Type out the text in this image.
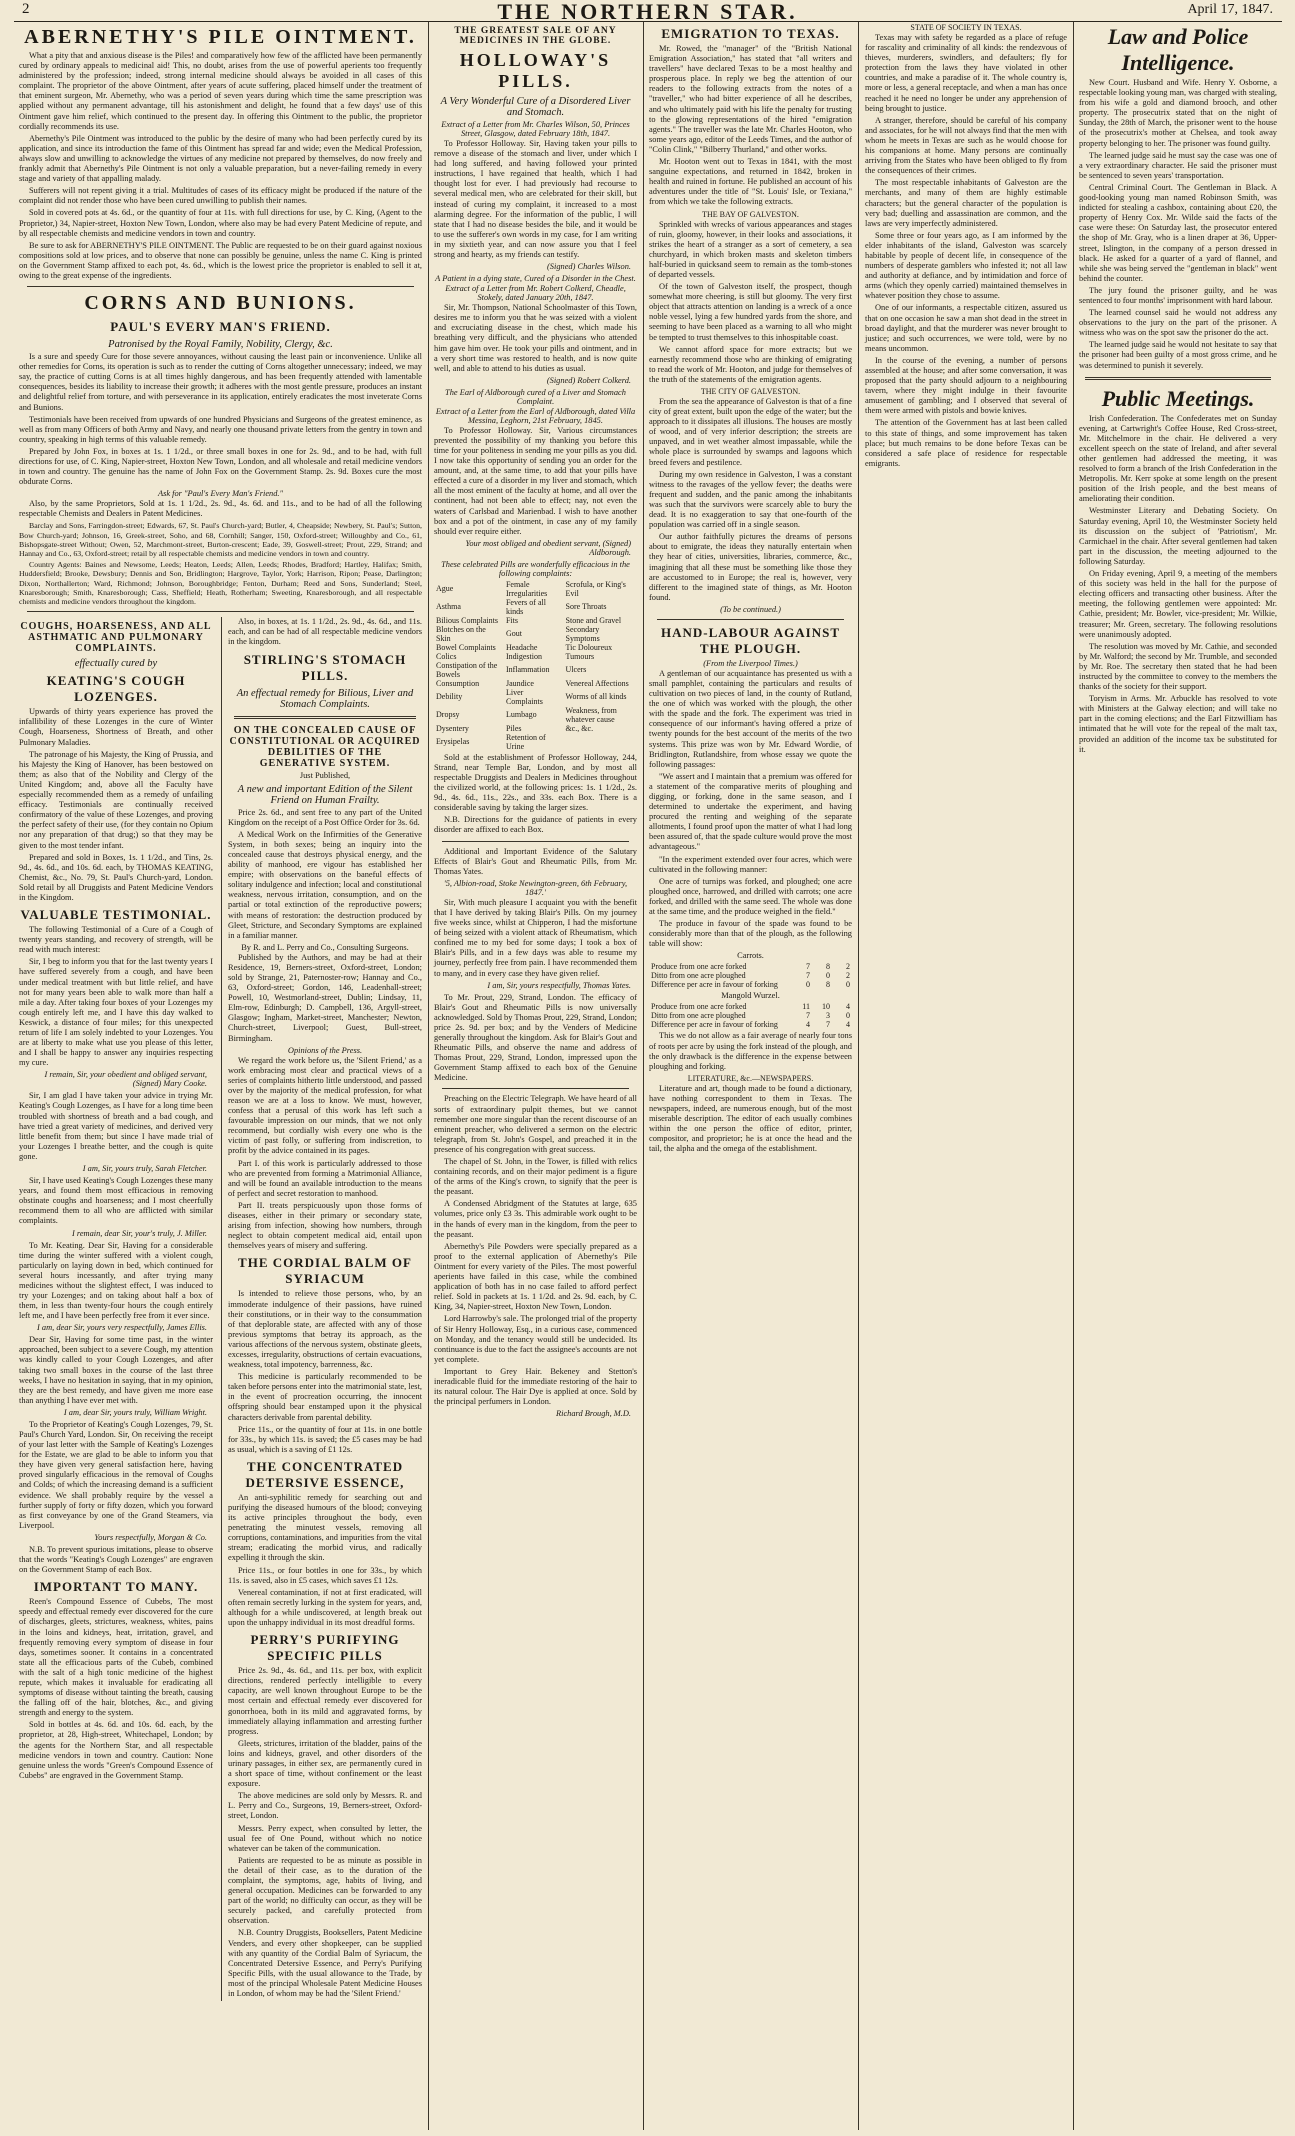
2	THE NORTHERN STAR.	April 17, 1847.
ABERNETHY'S PILE OINTMENT.

What a pity that and anxious disease is the Piles! and comparatively how few of the afflicted have been permanently cured by ordinary appeals to medicinal aid! This, no doubt, arises from the use of powerful aperients too frequently administered by the profession; indeed, strong internal medicine should always be avoided in all cases of this complaint. The proprietor of the above Ointment, after years of acute suffering, placed himself under the treatment of that eminent surgeon, Mr. Abernethy, who was a period of seven years during which time the same prescription was applied without any permanent advantage, till his astonishment and delight, he found that a few days' use of this Ointment gave him relief, which continued to the present day. In offering this Ointment to the public, the proprietor cordially recommends its use.

Abernethy's Pile Ointment was introduced to the public by the desire of many who had been perfectly cured by its application, and since its introduction the fame of this Ointment has spread far and wide; even the Medical Profession, always slow and unwilling to acknowledge the virtues of any medicine not prepared by themselves, do now freely and frankly admit that Abernethy's Pile Ointment is not only a valuable preparation, but a never-failing remedy in every stage and variety of that appalling malady.

Sufferers will not repent giving it a trial. Multitudes of cases of its efficacy might be produced if the nature of the complaint did not render those who have been cured unwilling to publish their names.

Sold in covered pots at 4s. 6d., or the quantity of four at 11s. with full directions for use, by C. King, (Agent to the Proprietor,) 34, Napier-street, Hoxton New Town, London, where also may be had every Patent Medicine of repute, and by all respectable chemists and medicine vendors in town and country.

Be sure to ask for ABERNETHY'S PILE OINTMENT. The Public are requested to be on their guard against noxious compositions sold at low prices, and to observe that none can possibly be genuine, unless the name C. King is printed on the Government Stamp affixed to each pot, 4s. 6d., which is the lowest price the proprietor is enabled to sell it at, owing to the great expense of the ingredients.

CORNS AND BUNIONS.
PAUL'S EVERY MAN'S FRIEND.
Patronised by the Royal Family, Nobility, Clergy, &c.

Is a sure and speedy Cure for those severe annoyances, without causing the least pain or inconvenience. Unlike all other remedies for Corns, its operation is such as to render the cutting of Corns altogether unnecessary; indeed, we may say, the practice of cutting Corns is at all times highly dangerous, and has been frequently attended with lamentable consequences, besides its liability to increase their growth; it adheres with the most gentle pressure, produces an instant and delightful relief from torture, and with perseverance in its application, entirely eradicates the most inveterate Corns and Bunions.

Testimonials have been received from upwards of one hundred Physicians and Surgeons of the greatest eminence, as well as from many Officers of both Army and Navy, and nearly one thousand private letters from the gentry in town and country, speaking in high terms of this valuable remedy.

Prepared by John Fox, in boxes at 1s. 1 1/2d., or three small boxes in one for 2s. 9d., and to be had, with full directions for use, of C. King, Napier-street, Hoxton New Town, London, and all wholesale and retail medicine vendors in town and country. The genuine has the name of John Fox on the Government Stamp. 2s. 9d. Boxes cure the most obdurate Corns.

Ask for "Paul's Every Man's Friend."

Also, by the same Proprietors, Sold at 1s. 1 1/2d., 2s. 9d., 4s. 6d. and 11s., and to be had of all the following respectable Chemists and Dealers in Patent Medicines.

Barclay and Sons, Farringdon-street; Edwards, 67, St. Paul's Church-yard; Butler, 4, Cheapside; Newbery, St. Paul's; Sutton, Bow Church-yard; Johnson, 16, Greek-street, Soho, and 68, Cornhill; Sanger, 150, Oxford-street; Willoughby and Co., 61, Bishopsgate-street Without; Owen, 52, Marchmont-street, Burton-crescent; Eade, 39, Goswell-street; Prout, 229, Strand; and Hannay and Co., 63, Oxford-street; retail by all respectable chemists and medicine vendors in town and country.

Country Agents: Baines and Newsome, Leeds; Heaton, Leeds; Allen, Leeds; Rhodes, Bradford; Hartley, Halifax; Smith, Huddersfield; Brooke, Dewsbury; Dennis and Son, Bridlington; Hargrove, Taylor, York; Harrison, Ripon; Pease, Darlington; Dixon, Northallerton; Ward, Richmond; Johnson, Boroughbridge; Fenton, Durham; Reed and Sons, Sunderland; Steel, Knaresborough; Smith, Knaresborough; Cass, Sheffield; Heath, Rotherham; Sweeting, Knaresborough, and all respectable chemists and medicine vendors throughout the kingdom.

COUGHS, HOARSENESS, AND ALL ASTHMATIC AND PULMONARY COMPLAINTS.
effectually cured by
KEATING'S COUGH LOZENGES.

Upwards of thirty years experience has proved the infallibility of these Lozenges in the cure of Winter Cough, Hoarseness, Shortness of Breath, and other Pulmonary Maladies.

The patronage of his Majesty, the King of Prussia, and his Majesty the King of Hanover, has been bestowed on them; as also that of the Nobility and Clergy of the United Kingdom; and, above all the Faculty have especially recommended them as a remedy of unfailing efficacy. Testimonials are continually received confirmatory of the value of these Lozenges, and proving the perfect safety of their use, (for they contain no Opium nor any preparation of that drug;) so that they may be given to the most tender infant.

Prepared and sold in Boxes, 1s. 1 1/2d., and Tins, 2s. 9d., 4s. 6d., and 10s. 6d. each, by THOMAS KEATING, Chemist, &c., No. 79, St. Paul's Church-yard, London. Sold retail by all Druggists and Patent Medicine Vendors in the Kingdom.

VALUABLE TESTIMONIAL.

The following Testimonial of a Cure of a Cough of twenty years standing, and recovery of strength, will be read with much interest:

Sir, I beg to inform you that for the last twenty years I have suffered severely from a cough, and have been under medical treatment with but little relief, and have not for many years been able to walk more than half a mile a day. After taking four boxes of your Lozenges my cough entirely left me, and I have this day walked to Keswick, a distance of four miles; for this unexpected return of life I am solely indebted to your Lozenges. You are at liberty to make what use you please of this letter, and I shall be happy to answer any inquiries respecting my cure.

I remain, Sir, your obedient and obliged servant, (Signed) Mary Cooke.

Sir, I am glad I have taken your advice in trying Mr. Keating's Cough Lozenges, as I have for a long time been troubled with shortness of breath and a bad cough, and have tried a great variety of medicines, and derived very little benefit from them; but since I have made trial of your Lozenges I breathe better, and the cough is quite gone.

I am, Sir, yours truly, Sarah Fletcher.

Sir, I have used Keating's Cough Lozenges these many years, and found them most efficacious in removing obstinate coughs and hoarseness; and I most cheerfully recommend them to all who are afflicted with similar complaints.

I remain, dear Sir, your's truly, J. Miller.

To Mr. Keating. Dear Sir, Having for a considerable time during the winter suffered with a violent cough, particularly on laying down in bed, which continued for several hours incessantly, and after trying many medicines without the slightest effect, I was induced to try your Lozenges; and on taking about half a box of them, in less than twenty-four hours the cough entirely left me, and I have been perfectly free from it ever since.

I am, dear Sir, yours very respectfully, James Ellis.

Dear Sir, Having for some time past, in the winter approached, been subject to a severe Cough, my attention was kindly called to your Cough Lozenges, and after taking two small boxes in the course of the last three weeks, I have no hesitation in saying, that in my opinion, they are the best remedy, and have given me more ease than anything I have ever met with.

I am, dear Sir, yours truly, William Wright.

To the Proprietor of Keating's Cough Lozenges, 79, St. Paul's Church Yard, London. Sir, On receiving the receipt of your last letter with the Sample of Keating's Lozenges for the Estate, we are glad to be able to inform you that they have given very general satisfaction here, having proved singularly efficacious in the removal of Coughs and Colds; of which the increasing demand is a sufficient evidence. We shall probably require by the vessel a further supply of forty or fifty dozen, which you forward as first conveyance by one of the Grand Steamers, via Liverpool.

Yours respectfully, Morgan & Co.

N.B. To prevent spurious imitations, please to observe that the words "Keating's Cough Lozenges" are engraven on the Government Stamp of each Box.

IMPORTANT TO MANY.

Reen's Compound Essence of Cubebs, The most speedy and effectual remedy ever discovered for the cure of discharges, gleets, strictures, weakness, whites, pains in the loins and kidneys, heat, irritation, gravel, and frequently removing every symptom of disease in four days, sometimes sooner. It contains in a concentrated state all the efficacious parts of the Cubeb, combined with the salt of a high tonic medicine of the highest repute, which makes it invaluable for eradicating all symptoms of disease without tainting the breath, causing the falling off of the hair, blotches, &c., and giving strength and energy to the system.

Sold in bottles at 4s. 6d. and 10s. 6d. each, by the proprietor, at 28, High-street, Whitechapel, London; by the agents for the Northern Star, and all respectable medicine vendors in town and country. Caution: None genuine unless the words "Green's Compound Essence of Cubebs" are engraved in the Government Stamp.

Also, in boxes, at 1s. 1 1/2d., 2s. 9d., 4s. 6d., and 11s. each, and can be had of all respectable medicine vendors in the kingdom.

STIRLING'S STOMACH PILLS.
An effectual remedy for Bilious, Liver and Stomach Complaints.
ON THE CONCEALED CAUSE OF CONSTITUTIONAL OR ACQUIRED DEBILITIES OF THE GENERATIVE SYSTEM.
Just Published,
A new and important Edition of the Silent Friend on Human Frailty.

Price 2s. 6d., and sent free to any part of the United Kingdom on the receipt of a Post Office Order for 3s. 6d.

A Medical Work on the Infirmities of the Generative System, in both sexes; being an inquiry into the concealed cause that destroys physical energy, and the ability of manhood, ere vigour has established her empire; with observations on the baneful effects of solitary indulgence and infection; local and constitutional weakness, nervous irritation, consumption, and on the partial or total extinction of the reproductive powers; with means of restoration: the destruction produced by Gleet, Stricture, and Secondary Symptoms are explained in a familiar manner.

By R. and L. Perry and Co., Consulting Surgeons.

Published by the Authors, and may be had at their Residence, 19, Berners-street, Oxford-street, London; sold by Strange, 21, Paternoster-row; Hannay and Co., 63, Oxford-street; Gordon, 146, Leadenhall-street; Powell, 10, Westmorland-street, Dublin; Lindsay, 11, Elm-row, Edinburgh; D. Campbell, 136, Argyll-street, Glasgow; Ingham, Market-street, Manchester; Newton, Church-street, Liverpool; Guest, Bull-street, Birmingham.

Opinions of the Press.

We regard the work before us, the 'Silent Friend,' as a work embracing most clear and practical views of a series of complaints hitherto little understood, and passed over by the majority of the medical profession, for what reason we are at a loss to know. We must, however, confess that a perusal of this work has left such a favourable impression on our minds, that we not only recommend, but cordially wish every one who is the victim of past folly, or suffering from indiscretion, to profit by the advice contained in its pages.

Part I. of this work is particularly addressed to those who are prevented from forming a Matrimonial Alliance, and will be found an available introduction to the means of perfect and secret restoration to manhood.

Part II. treats perspicuously upon those forms of diseases, either in their primary or secondary state, arising from infection, showing how numbers, through neglect to obtain competent medical aid, entail upon themselves years of misery and suffering.

THE CORDIAL BALM OF SYRIACUM

Is intended to relieve those persons, who, by an immoderate indulgence of their passions, have ruined their constitutions, or in their way to the consummation of that deplorable state, are affected with any of those previous symptoms that betray its approach, as the various affections of the nervous system, obstinate gleets, excesses, irregularity, obstructions of certain evacuations, weakness, total impotency, barrenness, &c.

This medicine is particularly recommended to be taken before persons enter into the matrimonial state, lest, in the event of procreation occurring, the innocent offspring should bear enstamped upon it the physical characters derivable from parental debility.

Price 11s., or the quantity of four at 11s. in one bottle for 33s., by which 11s. is saved; the £5 cases may be had as usual, which is a saving of £1 12s.

THE CONCENTRATED DETERSIVE ESSENCE,

An anti-syphilitic remedy for searching out and purifying the diseased humours of the blood; conveying its active principles throughout the body, even penetrating the minutest vessels, removing all corruptions, contaminations, and impurities from the vital stream; eradicating the morbid virus, and radically expelling it through the skin.

Price 11s., or four bottles in one for 33s., by which 11s. is saved, also in £5 cases, which saves £1 12s.

Venereal contamination, if not at first eradicated, will often remain secretly lurking in the system for years, and, although for a while undiscovered, at length break out upon the unhappy individual in its most dreadful forms.

PERRY'S PURIFYING SPECIFIC PILLS

Price 2s. 9d., 4s. 6d., and 11s. per box, with explicit directions, rendered perfectly intelligible to every capacity, are well known throughout Europe to be the most certain and effectual remedy ever discovered for gonorrhoea, both in its mild and aggravated forms, by immediately allaying inflammation and arresting further progress.

Gleets, strictures, irritation of the bladder, pains of the loins and kidneys, gravel, and other disorders of the urinary passages, in either sex, are permanently cured in a short space of time, without confinement or the least exposure.

The above medicines are sold only by Messrs. R. and L. Perry and Co., Surgeons, 19, Berners-street, Oxford-street, London.

Messrs. Perry expect, when consulted by letter, the usual fee of One Pound, without which no notice whatever can be taken of the communication.

Patients are requested to be as minute as possible in the detail of their case, as to the duration of the complaint, the symptoms, age, habits of living, and general occupation. Medicines can be forwarded to any part of the world; no difficulty can occur, as they will be securely packed, and carefully protected from observation.

N.B. Country Druggists, Booksellers, Patent Medicine Venders, and every other shopkeeper, can be supplied with any quantity of the Cordial Balm of Syriacum, the Concentrated Detersive Essence, and Perry's Purifying Specific Pills, with the usual allowance to the Trade, by most of the principal Wholesale Patent Medicine Houses in London, of whom may be had the 'Silent Friend.'

THE GREATEST SALE OF ANY MEDICINES IN THE GLOBE.
HOLLOWAY'S PILLS.
A Very Wonderful Cure of a Disordered Liver and Stomach.
Extract of a Letter from Mr. Charles Wilson, 50, Princes Street, Glasgow, dated February 18th, 1847.

To Professor Holloway. Sir, Having taken your pills to remove a disease of the stomach and liver, under which I had long suffered, and having followed your printed instructions, I have regained that health, which I had thought lost for ever. I had previously had recourse to several medical men, who are celebrated for their skill, but instead of curing my complaint, it increased to a most alarming degree. For the information of the public, I will state that I had no disease besides the bile, and it would be to use the sufferer's own words in my case, for I am writing in my sixtieth year, and can now assure you that I feel strong and hearty, as my friends can testify.

(Signed) Charles Wilson.
A Patient in a dying state, Cured of a Disorder in the Chest.
Extract of a Letter from Mr. Robert Colkerd, Cheadle, Stokely, dated January 20th, 1847.

Sir, Mr. Thompson, National Schoolmaster of this Town, desires me to inform you that he was seized with a violent and excruciating disease in the chest, which made his breathing very difficult, and the physicians who attended him gave him over. He took your pills and ointment, and in a very short time was restored to health, and is now quite well, and able to attend to his duties as usual.

(Signed) Robert Colkerd.
The Earl of Aldborough cured of a Liver and Stomach Complaint.
Extract of a Letter from the Earl of Aldborough, dated Villa Messina, Leghorn, 21st February, 1845.

To Professor Holloway. Sir, Various circumstances prevented the possibility of my thanking you before this time for your politeness in sending me your pills as you did. I now take this opportunity of sending you an order for the amount, and, at the same time, to add that your pills have effected a cure of a disorder in my liver and stomach, which all the most eminent of the faculty at home, and all over the continent, had not been able to effect; nay, not even the waters of Carlsbad and Marienbad. I wish to have another box and a pot of the ointment, in case any of my family should ever require either.

Your most obliged and obedient servant, (Signed) Aldborough.
These celebrated Pills are wonderfully efficacious in the following complaints:
Ague	Female Irregularities	Scrofula, or King's Evil
Asthma	Fevers of all kinds	Sore Throats
Bilious Complaints	Fits	Stone and Gravel
Blotches on the Skin	Gout	Secondary Symptoms
Bowel Complaints	Headache	Tic Doloureux
Colics	Indigestion	Tumours
Constipation of the Bowels	Inflammation	Ulcers
Consumption	Jaundice	Venereal Affections
Debility	Liver Complaints	Worms of all kinds
Dropsy	Lumbago	Weakness, from whatever cause
Dysentery	Piles	&c., &c.
Erysipelas	Retention of Urine	

Sold at the establishment of Professor Holloway, 244, Strand, near Temple Bar, London, and by most all respectable Druggists and Dealers in Medicines throughout the civilized world, at the following prices: 1s. 1 1/2d., 2s. 9d., 4s. 6d., 11s., 22s., and 33s. each Box. There is a considerable saving by taking the larger sizes.

N.B. Directions for the guidance of patients in every disorder are affixed to each Box.

Additional and Important Evidence of the Salutary Effects of Blair's Gout and Rheumatic Pills, from Mr. Thomas Yates.

'5, Albion-road, Stoke Newington-green, 6th February, 1847.'

Sir, With much pleasure I acquaint you with the benefit that I have derived by taking Blair's Pills. On my journey five weeks since, whilst at Chipperon, I had the misfortune of being seized with a violent attack of Rheumatism, which confined me to my bed for some days; I took a box of Blair's Pills, and in a few days was able to resume my journey, perfectly free from pain. I have recommended them to many, and in every case they have given relief.

I am, Sir, yours respectfully, Thomas Yates.

To Mr. Prout, 229, Strand, London. The efficacy of Blair's Gout and Rheumatic Pills is now universally acknowledged. Sold by Thomas Prout, 229, Strand, London; price 2s. 9d. per box; and by the Venders of Medicine generally throughout the kingdom. Ask for Blair's Gout and Rheumatic Pills, and observe the name and address of Thomas Prout, 229, Strand, London, impressed upon the Government Stamp affixed to each box of the Genuine Medicine.

Preaching on the Electric Telegraph. We have heard of all sorts of extraordinary pulpit themes, but we cannot remember one more singular than the recent discourse of an eminent preacher, who delivered a sermon on the electric telegraph, from St. John's Gospel, and preached it in the presence of his congregation with great success.

The chapel of St. John, in the Tower, is filled with relics containing records, and on their major pediment is a figure of the arms of the King's crown, to signify that the peer is the peasant.

A Condensed Abridgment of the Statutes at large, 635 volumes, price only £3 3s. This admirable work ought to be in the hands of every man in the kingdom, from the peer to the peasant.

Abernethy's Pile Powders were specially prepared as a proof to the external application of Abernethy's Pile Ointment for every variety of the Piles. The most powerful aperients have failed in this case, while the combined application of both has in no case failed to afford perfect relief. Sold in packets at 1s. 1 1/2d. and 2s. 9d. each, by C. King, 34, Napier-street, Hoxton New Town, London.

Lord Harrowby's sale. The prolonged trial of the property of Sir Henry Holloway, Esq., in a curious case, commenced on Monday, and the tenancy would still be undecided. Its continuance is due to the fact the assignee's accounts are not yet complete.

Important to Grey Hair. Bekeney and Stetton's ineradicable fluid for the immediate restoring of the hair to its natural colour. The Hair Dye is applied at once. Sold by the principal perfumers in London.

Richard Brough, M.D.
EMIGRATION TO TEXAS.

Mr. Rowed, the "manager" of the "British National Emigration Association," has stated that "all writers and travellers" have declared Texas to be a most healthy and prosperous place. In reply we beg the attention of our readers to the following extracts from the notes of a "traveller," who had bitter experience of all he describes, and who ultimately paid with his life the penalty for trusting to the glowing representations of the hired "emigration agents." The traveller was the late Mr. Charles Hooton, who some years ago, editor of the Leeds Times, and the author of "Colin Clink," "Bilberry Thurland," and other works.

Mr. Hooton went out to Texas in 1841, with the most sanguine expectations, and returned in 1842, broken in health and ruined in fortune. He published an account of his adventures under the title of "St. Louis' Isle, or Texiana," from which we take the following extracts.

THE BAY OF GALVESTON.

Sprinkled with wrecks of various appearances and stages of ruin, gloomy, however, in their looks and associations, it strikes the heart of a stranger as a sort of cemetery, a sea churchyard, in which broken masts and skeleton timbers half-buried in quicksand seem to remain as the tomb-stones of departed vessels.

Of the town of Galveston itself, the prospect, though somewhat more cheering, is still but gloomy. The very first object that attracts attention on landing is a wreck of a once noble vessel, lying a few hundred yards from the shore, and seeming to have been placed as a warning to all who might be tempted to trust themselves to this inhospitable coast.

We cannot afford space for more extracts; but we earnestly recommend those who are thinking of emigrating to read the work of Mr. Hooton, and judge for themselves of the truth of the statements of the emigration agents.

THE CITY OF GALVESTON.

From the sea the appearance of Galveston is that of a fine city of great extent, built upon the edge of the water; but the approach to it dissipates all illusions. The houses are mostly of wood, and of very inferior description; the streets are unpaved, and in wet weather almost impassable, while the whole place is surrounded by swamps and lagoons which breed fevers and pestilence.

During my own residence in Galveston, I was a constant witness to the ravages of the yellow fever; the deaths were frequent and sudden, and the panic among the inhabitants was such that the survivors were scarcely able to bury the dead. It is no exaggeration to say that one-fourth of the population was carried off in a single season.

Our author faithfully pictures the dreams of persons about to emigrate, the ideas they naturally entertain when they hear of cities, universities, libraries, commerce, &c., imagining that all these must be something like those they are accustomed to in Europe; the real is, however, very different to the imagined state of things, as Mr. Hooton found.

(To be continued.)
HAND-LABOUR AGAINST THE PLOUGH.
(From the Liverpool Times.)

A gentleman of our acquaintance has presented us with a small pamphlet, containing the particulars and results of cultivation on two pieces of land, in the county of Rutland, the one of which was worked with the plough, the other with the spade and the fork. The experiment was tried in consequence of our informant's having offered a prize of twenty pounds for the best account of the merits of the two systems. This prize was won by Mr. Edward Wordie, of Bridlington, Rutlandshire, from whose essay we quote the following passages:

"We assert and I maintain that a premium was offered for a statement of the comparative merits of ploughing and digging, or forking, done in the same season, and I determined to undertake the experiment, and having procured the renting and weighing of the separate allotments, I found proof upon the matter of what I had long been assured of, that the spade culture would prove the most advantageous."

"In the experiment extended over four acres, which were cultivated in the following manner:

One acre of turnips was forked, and ploughed; one acre ploughed once, harrowed, and drilled with carrots; one acre forked, and drilled with the same seed. The whole was done at the same time, and the produce weighed in the field."

The produce in favour of the spade was found to be considerably more than that of the plough, as the following table will show:

Carrots.
Produce from one acre forked	7	8	2
Ditto from one acre ploughed	7	0	2
Difference per acre in favour of forking	0	8	0
Mangold Wurzel.
Produce from one acre forked	11	10	4
Ditto from one acre ploughed	7	3	0
Difference per acre in favour of forking	4	7	4

This we do not allow as a fair average of nearly four tons of roots per acre by using the fork instead of the plough, and the only drawback is the difference in the expense between ploughing and forking.

LITERATURE, &c.—NEWSPAPERS.

Literature and art, though made to be found a dictionary, have nothing correspondent to them in Texas. The newspapers, indeed, are numerous enough, but of the most miserable description. The editor of each usually combines within the one person the office of editor, printer, compositor, and proprietor; he is at once the head and the tail, the alpha and the omega of the establishment.

STATE OF SOCIETY IN TEXAS.

Texas may with safety be regarded as a place of refuge for rascality and criminality of all kinds: the rendezvous of thieves, murderers, swindlers, and defaulters; fly for protection from the laws they have violated in other countries, and make a paradise of it. The whole country is, more or less, a general receptacle, and when a man has once reached it he need no longer be under any apprehension of being brought to justice.

A stranger, therefore, should be careful of his company and associates, for he will not always find that the men with whom he meets in Texas are such as he would choose for his companions at home. Many persons are continually arriving from the States who have been obliged to fly from the consequences of their crimes.

The most respectable inhabitants of Galveston are the merchants, and many of them are highly estimable characters; but the general character of the population is very bad; duelling and assassination are common, and the laws are very imperfectly administered.

Some three or four years ago, as I am informed by the elder inhabitants of the island, Galveston was scarcely habitable by people of decent life, in consequence of the numbers of desperate gamblers who infested it; not all law and authority at defiance, and by intimidation and force of arms (which they openly carried) maintained themselves in whatever position they chose to assume.

One of our informants, a respectable citizen, assured us that on one occasion he saw a man shot dead in the street in broad daylight, and that the murderer was never brought to justice; and such occurrences, we were told, were by no means uncommon.

In the course of the evening, a number of persons assembled at the house; and after some conversation, it was proposed that the party should adjourn to a neighbouring tavern, where they might indulge in their favourite amusement of gambling; and I observed that several of them were armed with pistols and bowie knives.

The attention of the Government has at last been called to this state of things, and some improvement has taken place; but much remains to be done before Texas can be considered a safe place of residence for respectable emigrants.

Law and Police Intelligence.

New Court. Husband and Wife. Henry Y. Osborne, a respectable looking young man, was charged with stealing, from his wife a gold and diamond brooch, and other property. The prosecutrix stated that on the night of Sunday, the 28th of March, the prisoner went to the house of the prosecutrix's mother at Chelsea, and took away property belonging to her. The prisoner was found guilty.

The learned judge said he must say the case was one of a very extraordinary character. He said the prisoner must be sentenced to seven years' transportation.

Central Criminal Court. The Gentleman in Black. A good-looking young man named Robinson Smith, was indicted for stealing a cashbox, containing about £20, the property of Henry Cox. Mr. Wilde said the facts of the case were these: On Saturday last, the prosecutor entered the shop of Mr. Gray, who is a linen draper at 36, Upper-street, Islington, in the company of a person dressed in black. He asked for a quarter of a yard of flannel, and while she was being served the "gentleman in black" went behind the counter.

The jury found the prisoner guilty, and he was sentenced to four months' imprisonment with hard labour.

The learned counsel said he would not address any observations to the jury on the part of the prisoner. A witness who was on the spot saw the prisoner do the act.

The learned judge said he would not hesitate to say that the prisoner had been guilty of a most gross crime, and he was determined to punish it severely.

Public Meetings.

Irish Confederation. The Confederates met on Sunday evening, at Cartwright's Coffee House, Red Cross-street, Mr. Mitchelmore in the chair. He delivered a very excellent speech on the state of Ireland, and after several other gentlemen had addressed the meeting, it was resolved to form a branch of the Irish Confederation in the Metropolis. Mr. Kerr spoke at some length on the present position of the Irish people, and the best means of ameliorating their condition.

Westminster Literary and Debating Society. On Saturday evening, April 10, the Westminster Society held its discussion on the subject of 'Patriotism', Mr. Carmichael in the chair. After several gentlemen had taken part in the discussion, the meeting adjourned to the following Saturday.

On Friday evening, April 9, a meeting of the members of this society was held in the hall for the purpose of electing officers and transacting other business. After the meeting, the following gentlemen were appointed: Mr. Cathie, president; Mr. Bowler, vice-president; Mr. Wilkie, treasurer; Mr. Green, secretary. The following resolutions were unanimously adopted.

The resolution was moved by Mr. Cathie, and seconded by Mr. Walford; the second by Mr. Trumble, and seconded by Mr. Roe. The secretary then stated that he had been instructed by the committee to convey to the members the thanks of the society for their support.

Toryism in Arms. Mr. Arbuckle has resolved to vote with Ministers at the Galway election; and will take no part in the coming elections; and the Earl Fitzwilliam has intimated that he will vote for the repeal of the malt tax, provided an addition of the income tax be substituted for it.
